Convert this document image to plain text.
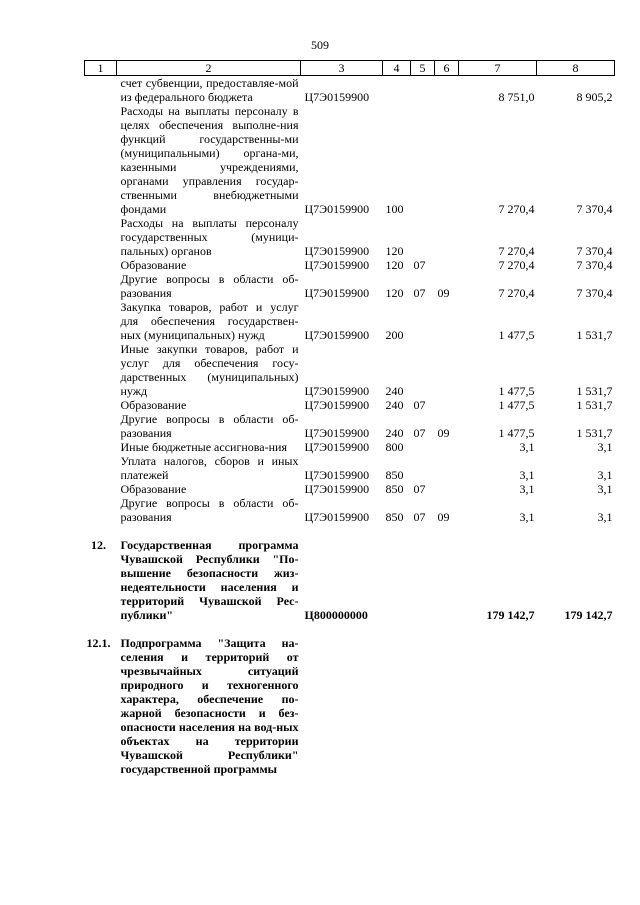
509
1	2	3	4	5	6	7	8
	счет субвенции, предоставляе-мой из федерального бюджета	Ц7Э0159900				8 751,0	8 905,2
	Расходы на выплаты персоналу в целях обеспечения выполне-ния функций государственны-ми (муниципальными) органа-ми, казенными учреждениями, органами управления государ-ственными внебюджетными фондами	Ц7Э0159900	100			7 270,4	7 370,4
	Расходы на выплаты персоналу государственных (муници-пальных) органов	Ц7Э0159900	120			7 270,4	7 370,4
	Образование	Ц7Э0159900	120	07		7 270,4	7 370,4
	Другие вопросы в области об-разования	Ц7Э0159900	120	07	09	7 270,4	7 370,4
	Закупка товаров, работ и услуг для обеспечения государствен-ных (муниципальных) нужд	Ц7Э0159900	200			1 477,5	1 531,7
	Иные закупки товаров, работ и услуг для обеспечения госу-дарственных (муниципальных) нужд	Ц7Э0159900	240			1 477,5	1 531,7
	Образование	Ц7Э0159900	240	07		1 477,5	1 531,7
	Другие вопросы в области об-разования	Ц7Э0159900	240	07	09	1 477,5	1 531,7
	Иные бюджетные ассигнова-ния	Ц7Э0159900	800			3,1	3,1
	Уплата налогов, сборов и иных платежей	Ц7Э0159900	850			3,1	3,1
	Образование	Ц7Э0159900	850	07		3,1	3,1
	Другие вопросы в области об-разования	Ц7Э0159900	850	07	09	3,1	3,1

12.	Государственная программа Чувашской Республики "По-вышение безопасности жиз-недеятельности населения и территорий Чувашской Рес-публики"	Ц800000000				179 142,7	179 142,7

12.1.	Подпрограмма "Защита на-селения и территорий от чрезвычайных ситуаций природного и техногенного характера, обеспечение по-жарной безопасности и без-опасности населения на вод-ных объектах на территории Чувашской Республики" государственной программы						
